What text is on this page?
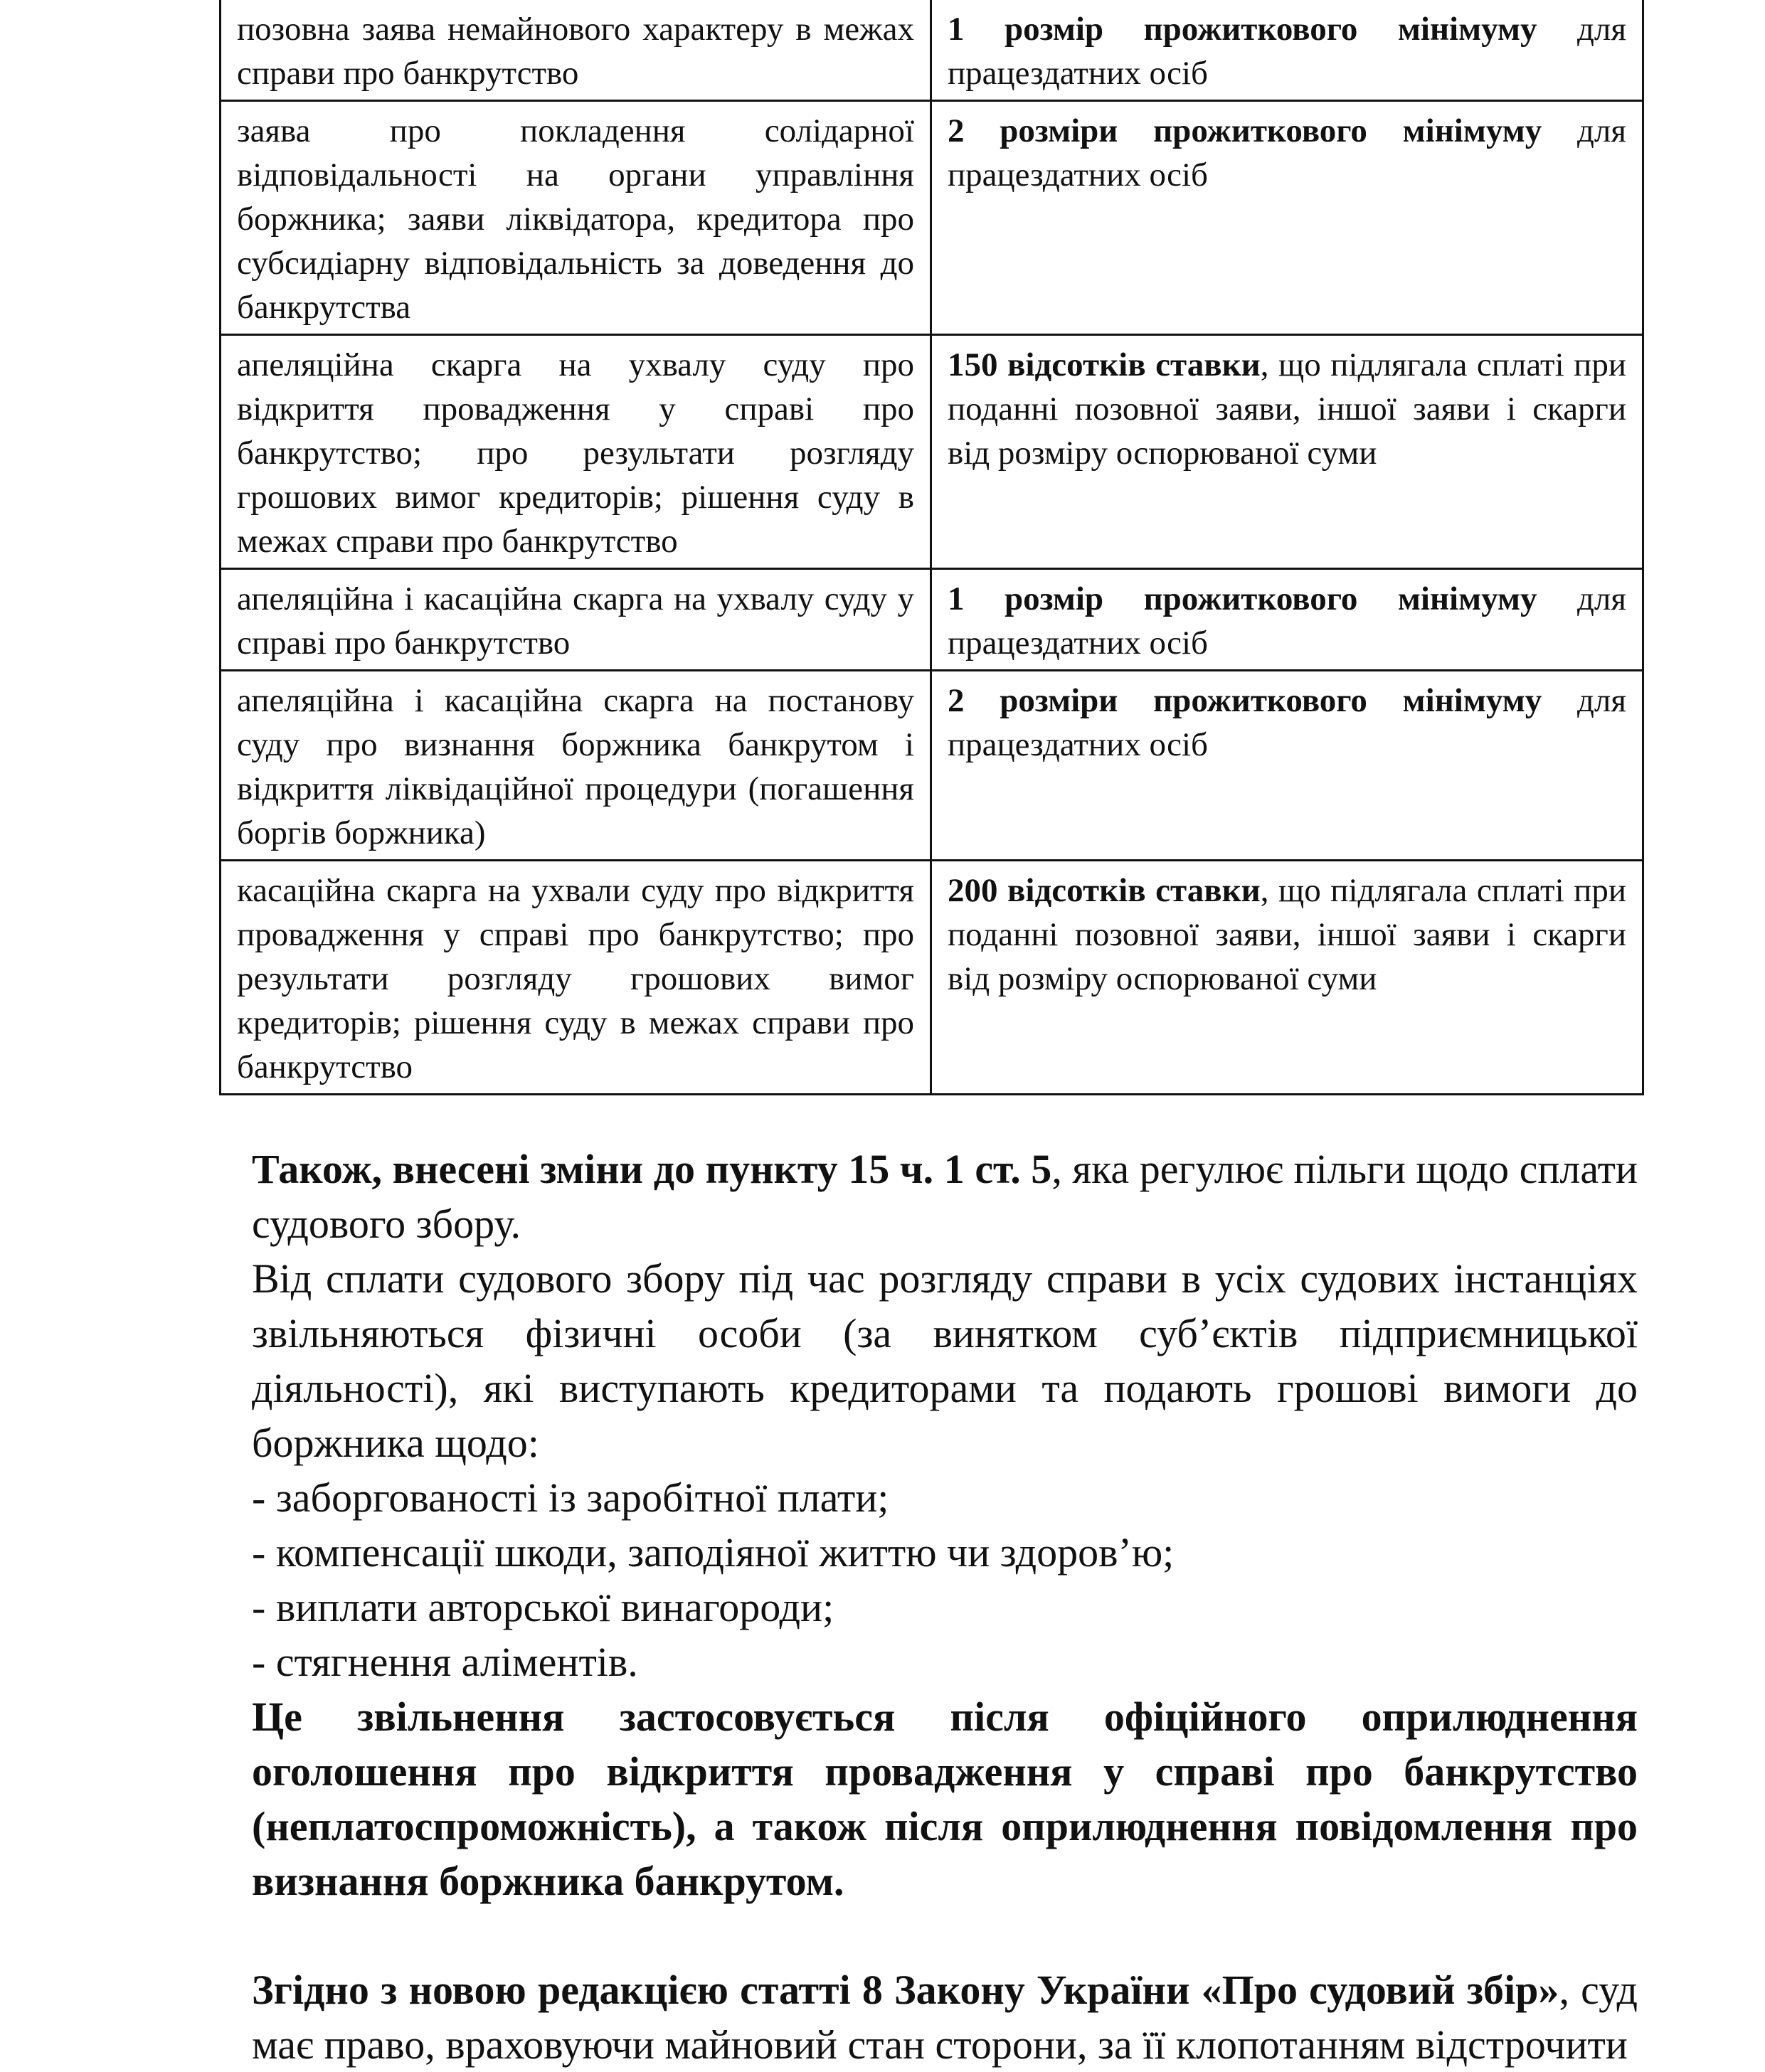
позовна заява немайнового характеру в межах справи про банкрутство	1 розмір прожиткового мінімуму для працездатних осіб
заява про покладення солідарної відповідальності на органи управління боржника; заяви ліквідатора, кредитора про субсидіарну відповідальність за доведення до банкрутства	2 розміри прожиткового мінімуму для працездатних осіб
апеляційна скарга на ухвалу суду про відкриття провадження у справі про банкрутство; про результати розгляду грошових вимог кредиторів; рішення суду в межах справи про банкрутство	150 відсотків ставки, що підлягала сплаті при поданні позовної заяви, іншої заяви і скарги від розміру оспорюваної суми
апеляційна і касаційна скарга на ухвалу суду у справі про банкрутство	1 розмір прожиткового мінімуму для працездатних осіб
апеляційна і касаційна скарга на постанову суду про визнання боржника банкрутом і відкриття ліквідаційної процедури (погашення боргів боржника)	2 розміри прожиткового мінімуму для працездатних осіб
касаційна скарга на ухвали суду про відкриття провадження у справі про банкрутство; про результати розгляду грошових вимог кредиторів; рішення суду в межах справи про банкрутство	200 відсотків ставки, що підлягала сплаті при поданні позовної заяви, іншої заяви і скарги від розміру оспорюваної суми

Також, внесені зміни до пункту 15 ч. 1 ст. 5, яка регулює пільги щодо сплати судового збору.

Від сплати судового збору під час розгляду справи в усіх судових інстанціях звільняються фізичні особи (за винятком суб’єктів підприємницької діяльності), які виступають кредиторами та подають грошові вимоги до боржника щодо:

- заборгованості із заробітної плати;

- компенсації шкоди, заподіяної життю чи здоров’ю;

- виплати авторської винагороди;

- стягнення аліментів.

Це звільнення застосовується після офіційного оприлюднення оголошення про відкриття провадження у справі про банкрутство (неплатоспроможність), а також після оприлюднення повідомлення про визнання боржника банкрутом.

Згідно з новою редакцією статті 8 Закону України «Про судовий збір», суд має право, враховуючи майновий стан сторони, за її клопотанням відстрочити
